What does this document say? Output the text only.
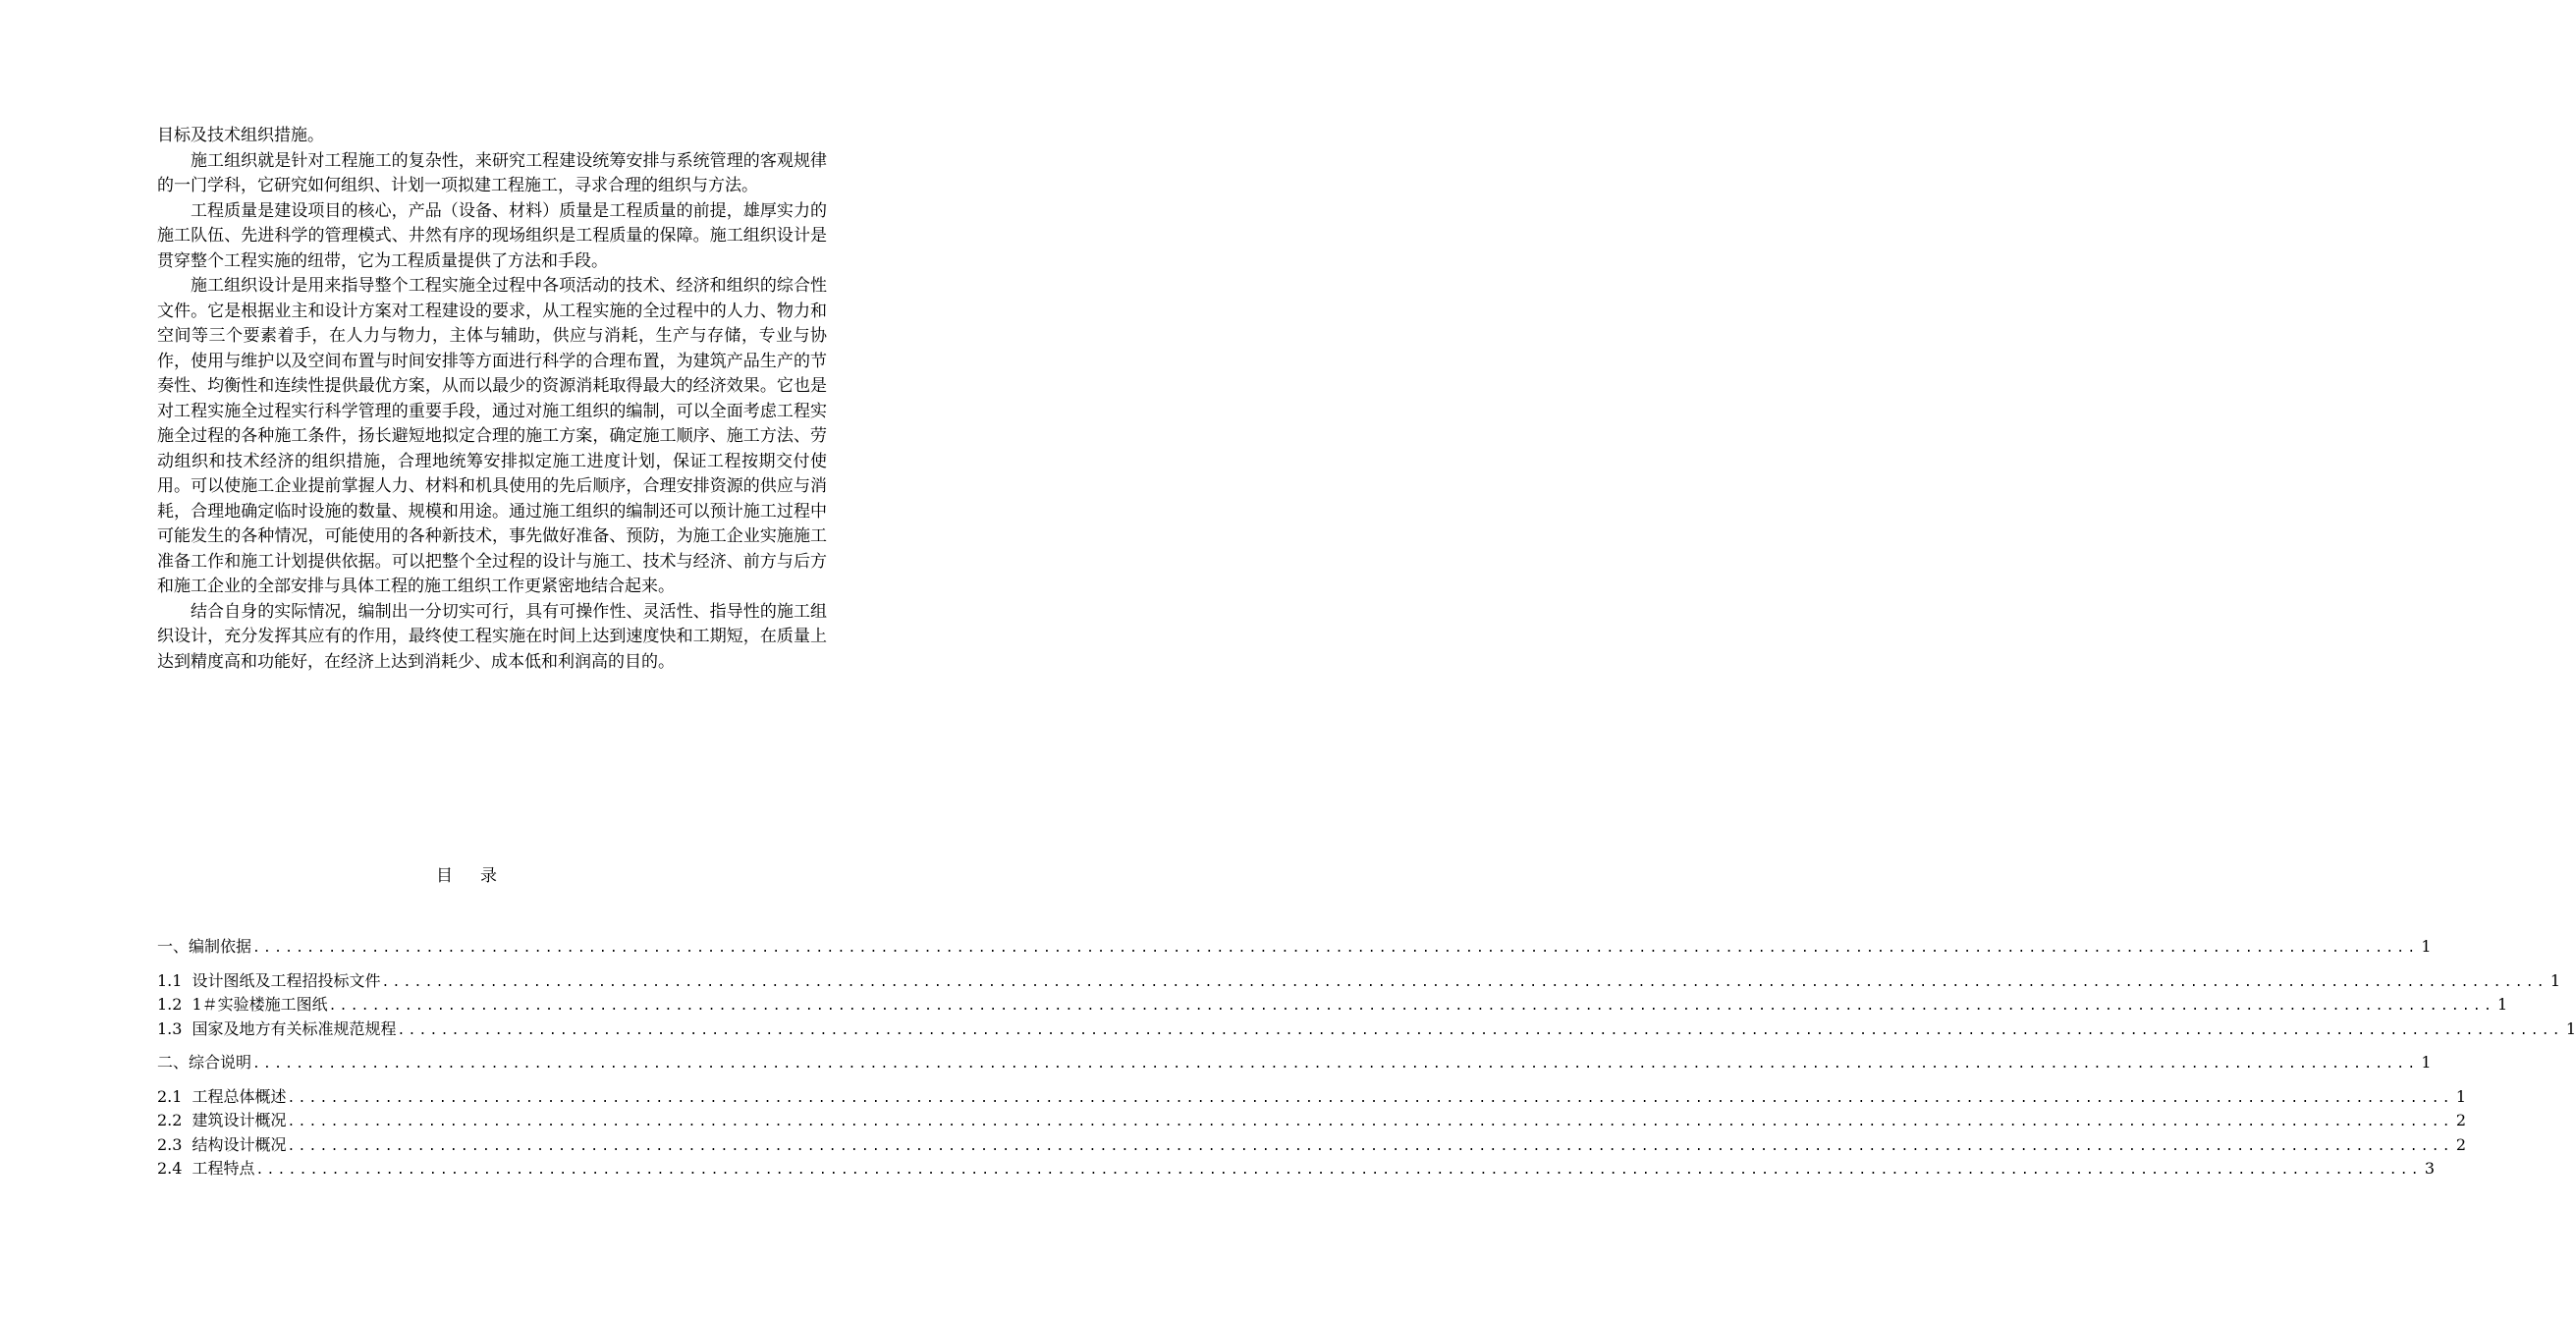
目标及技术组织措施。

施工组织就是针对工程施工的复杂性，来研究工程建设统筹安排与系统管理的客观规律的一门学科，它研究如何组织、计划一项拟建工程施工，寻求合理的组织与方法。

工程质量是建设项目的核心，产品（设备、材料）质量是工程质量的前提，雄厚实力的施工队伍、先进科学的管理模式、井然有序的现场组织是工程质量的保障。施工组织设计是贯穿整个工程实施的纽带，它为工程质量提供了方法和手段。

施工组织设计是用来指导整个工程实施全过程中各项活动的技术、经济和组织的综合性文件。它是根据业主和设计方案对工程建设的要求，从工程实施的全过程中的人力、物力和空间等三个要素着手，在人力与物力，主体与辅助，供应与消耗，生产与存储，专业与协作，使用与维护以及空间布置与时间安排等方面进行科学的合理布置，为建筑产品生产的节奏性、均衡性和连续性提供最优方案，从而以最少的资源消耗取得最大的经济效果。它也是对工程实施全过程实行科学管理的重要手段，通过对施工组织的编制，可以全面考虑工程实施全过程的各种施工条件，扬长避短地拟定合理的施工方案，确定施工顺序、施工方法、劳动组织和技术经济的组织措施，合理地统筹安排拟定施工进度计划，保证工程按期交付使用。可以使施工企业提前掌握人力、材料和机具使用的先后顺序，合理安排资源的供应与消耗，合理地确定临时设施的数量、规模和用途。通过施工组织的编制还可以预计施工过程中可能发生的各种情况，可能使用的各种新技术，事先做好准备、预防，为施工企业实施施工准备工作和施工计划提供依据。可以把整个全过程的设计与施工、技术与经济、前方与后方和施工企业的全部安排与具体工程的施工组织工作更紧密地结合起来。

结合自身的实际情况，编制出一分切实可行，具有可操作性、灵活性、指导性的施工组织设计，充分发挥其应有的作用，最终使工程实施在时间上达到速度快和工期短，在质量上达到精度高和功能好，在经济上达到消耗少、成本低和利润高的目的。

目 录
一、编制依据 ........................................................................................................................................................................................................ 1
1.1 设计图纸及工程招投标文件 ........................................................................................................................................................................................................ 1
1.2 1＃实验楼施工图纸 ........................................................................................................................................................................................................ 1
1.3 国家及地方有关标准规范规程 ........................................................................................................................................................................................................ 1
二、综合说明 ........................................................................................................................................................................................................ 1
2.1 工程总体概述 ........................................................................................................................................................................................................ 1
2.2 建筑设计概况 ........................................................................................................................................................................................................ 2
2.3 结构设计概况 ........................................................................................................................................................................................................ 2
2.4 工程特点 ........................................................................................................................................................................................................ 3
